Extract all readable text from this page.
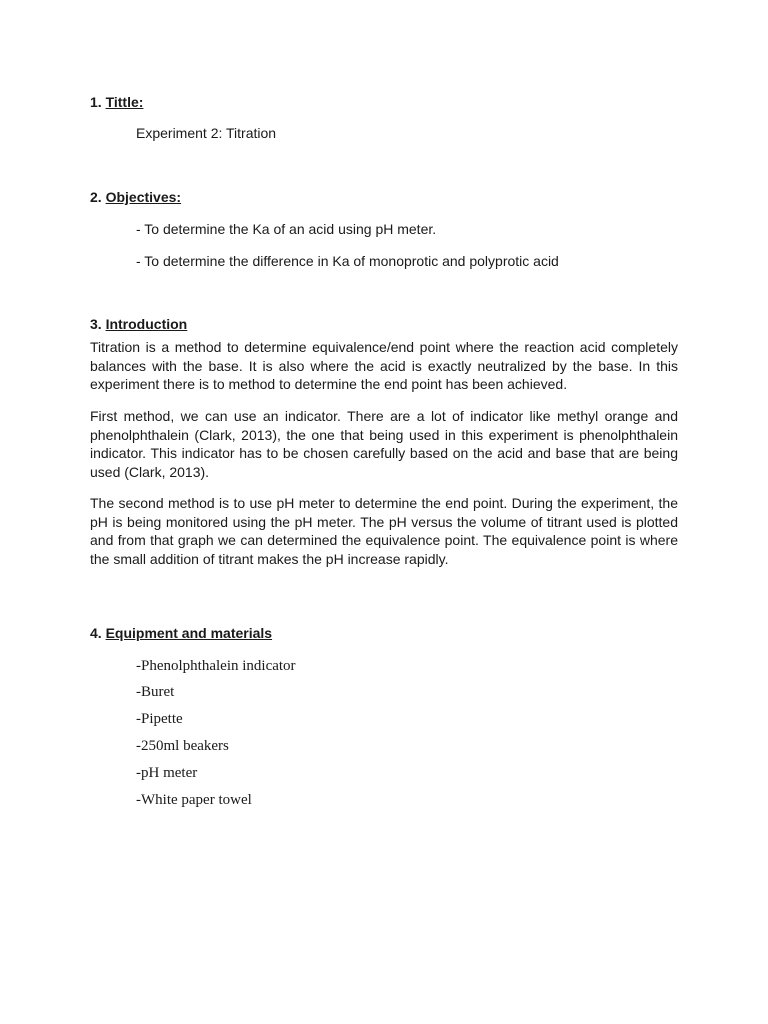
1. Tittle:
Experiment 2: Titration
2. Objectives:
- To determine the Ka of an acid using pH meter.
- To determine the difference in Ka of monoprotic and polyprotic acid
3. Introduction

Titration is a method to determine equivalence/end point where the reaction acid completely balances with the base. It is also where the acid is exactly neutralized by the base. In this experiment there is to method to determine the end point has been achieved.

First method, we can use an indicator. There are a lot of indicator like methyl orange and phenolphthalein (Clark, 2013), the one that being used in this experiment is phenolphthalein indicator. This indicator has to be chosen carefully based on the acid and base that are being used (Clark, 2013).

The second method is to use pH meter to determine the end point. During the experiment, the pH is being monitored using the pH meter. The pH versus the volume of titrant used is plotted and from that graph we can determined the equivalence point. The equivalence point is where the small addition of titrant makes the pH increase rapidly.

4. Equipment and materials
-Phenolphthalein indicator
-Buret
-Pipette
-250ml beakers
-pH meter
-White paper towel
